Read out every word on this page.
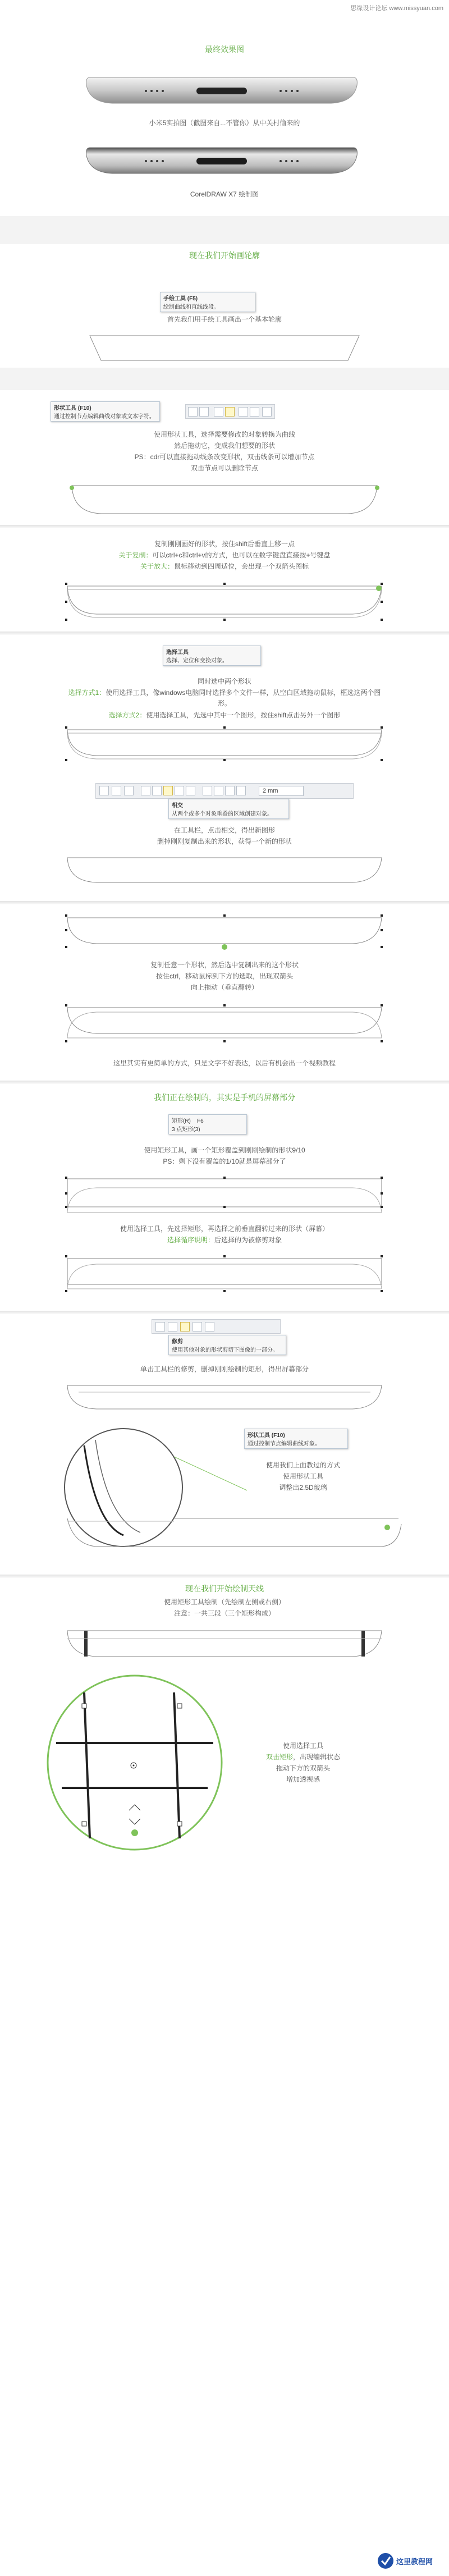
思缘设计论坛 www.missyuan.com
最终效果图
小米5实拍图（截图来自...不管你）从中关村偷来的
CorelDRAW X7 绘制图
现在我们开始画轮廓
手绘工具 (F5)
绘制曲线和直线线段。
首先我们用手绘工具画出一个基本轮廓
形状工具 (F10)
通过控制节点编辑曲线对象或文本字符。
使用形状工具，选择需要修改的对象转换为曲线
然后拖动它，变成我们想要的形状
PS：cdr可以直接拖动线条改变形状，双击线条可以增加节点
双击节点可以删除节点
复制刚刚画好的形状，按住shift后垂直上移一点
关于复制：可以ctrl+c和ctrl+v的方式，也可以在数字键盘直接按+号键盘
关于放大：鼠标移动到四周适位，会出现一个双箭头图标
选择工具
选择、定位和变换对象。
同时选中两个形状
选择方式1：使用选择工具，像windows电脑同时选择多个文件一样，从空白区域拖动鼠标，框选这两个图形。
选择方式2：使用选择工具，先选中其中一个图形，按住shift点击另外一个图形
2 mm
相交
从两个或多个对象重叠的区域创建对象。
在工具栏，点击相交，得出新图形
删掉刚刚复制出来的形状，获得一个新的形状
复制任意一个形状，然后选中复制出来的这个形状
按住ctrl，移动鼠标到下方的选取，出现双箭头
向上拖动（垂直翻转）
这里其实有更简单的方式，只是文字不好表达，以后有机会出一个视频教程
我们正在绘制的，其实是手机的屏幕部分
矩形(R) F6
3 点矩形(3)
使用矩形工具，画一个矩形覆盖到刚刚绘制的形状9/10
PS：剩下没有覆盖的1/10就是屏幕部分了
使用选择工具，先选择矩形，再选择之前垂直翻转过来的形状（屏幕）
选择循序说明：后选择的为被修剪对象
修剪
使用其他对象的形状剪切下图像的一部分。
单击工具栏的修剪，删掉刚刚绘制的矩形，得出屏幕部分
形状工具 (F10)
通过控制节点编辑曲线对象。
使用我们上面教过的方式
使用形状工具
调整出2.5D玻璃
现在我们开始绘制天线
使用矩形工具绘制（先绘制左侧或右侧）
注意：一共三段（三个矩形构成）
使用选择工具
双击矩形，出现编辑状态
拖动下方的双箭头
增加透视感
这里教程网
